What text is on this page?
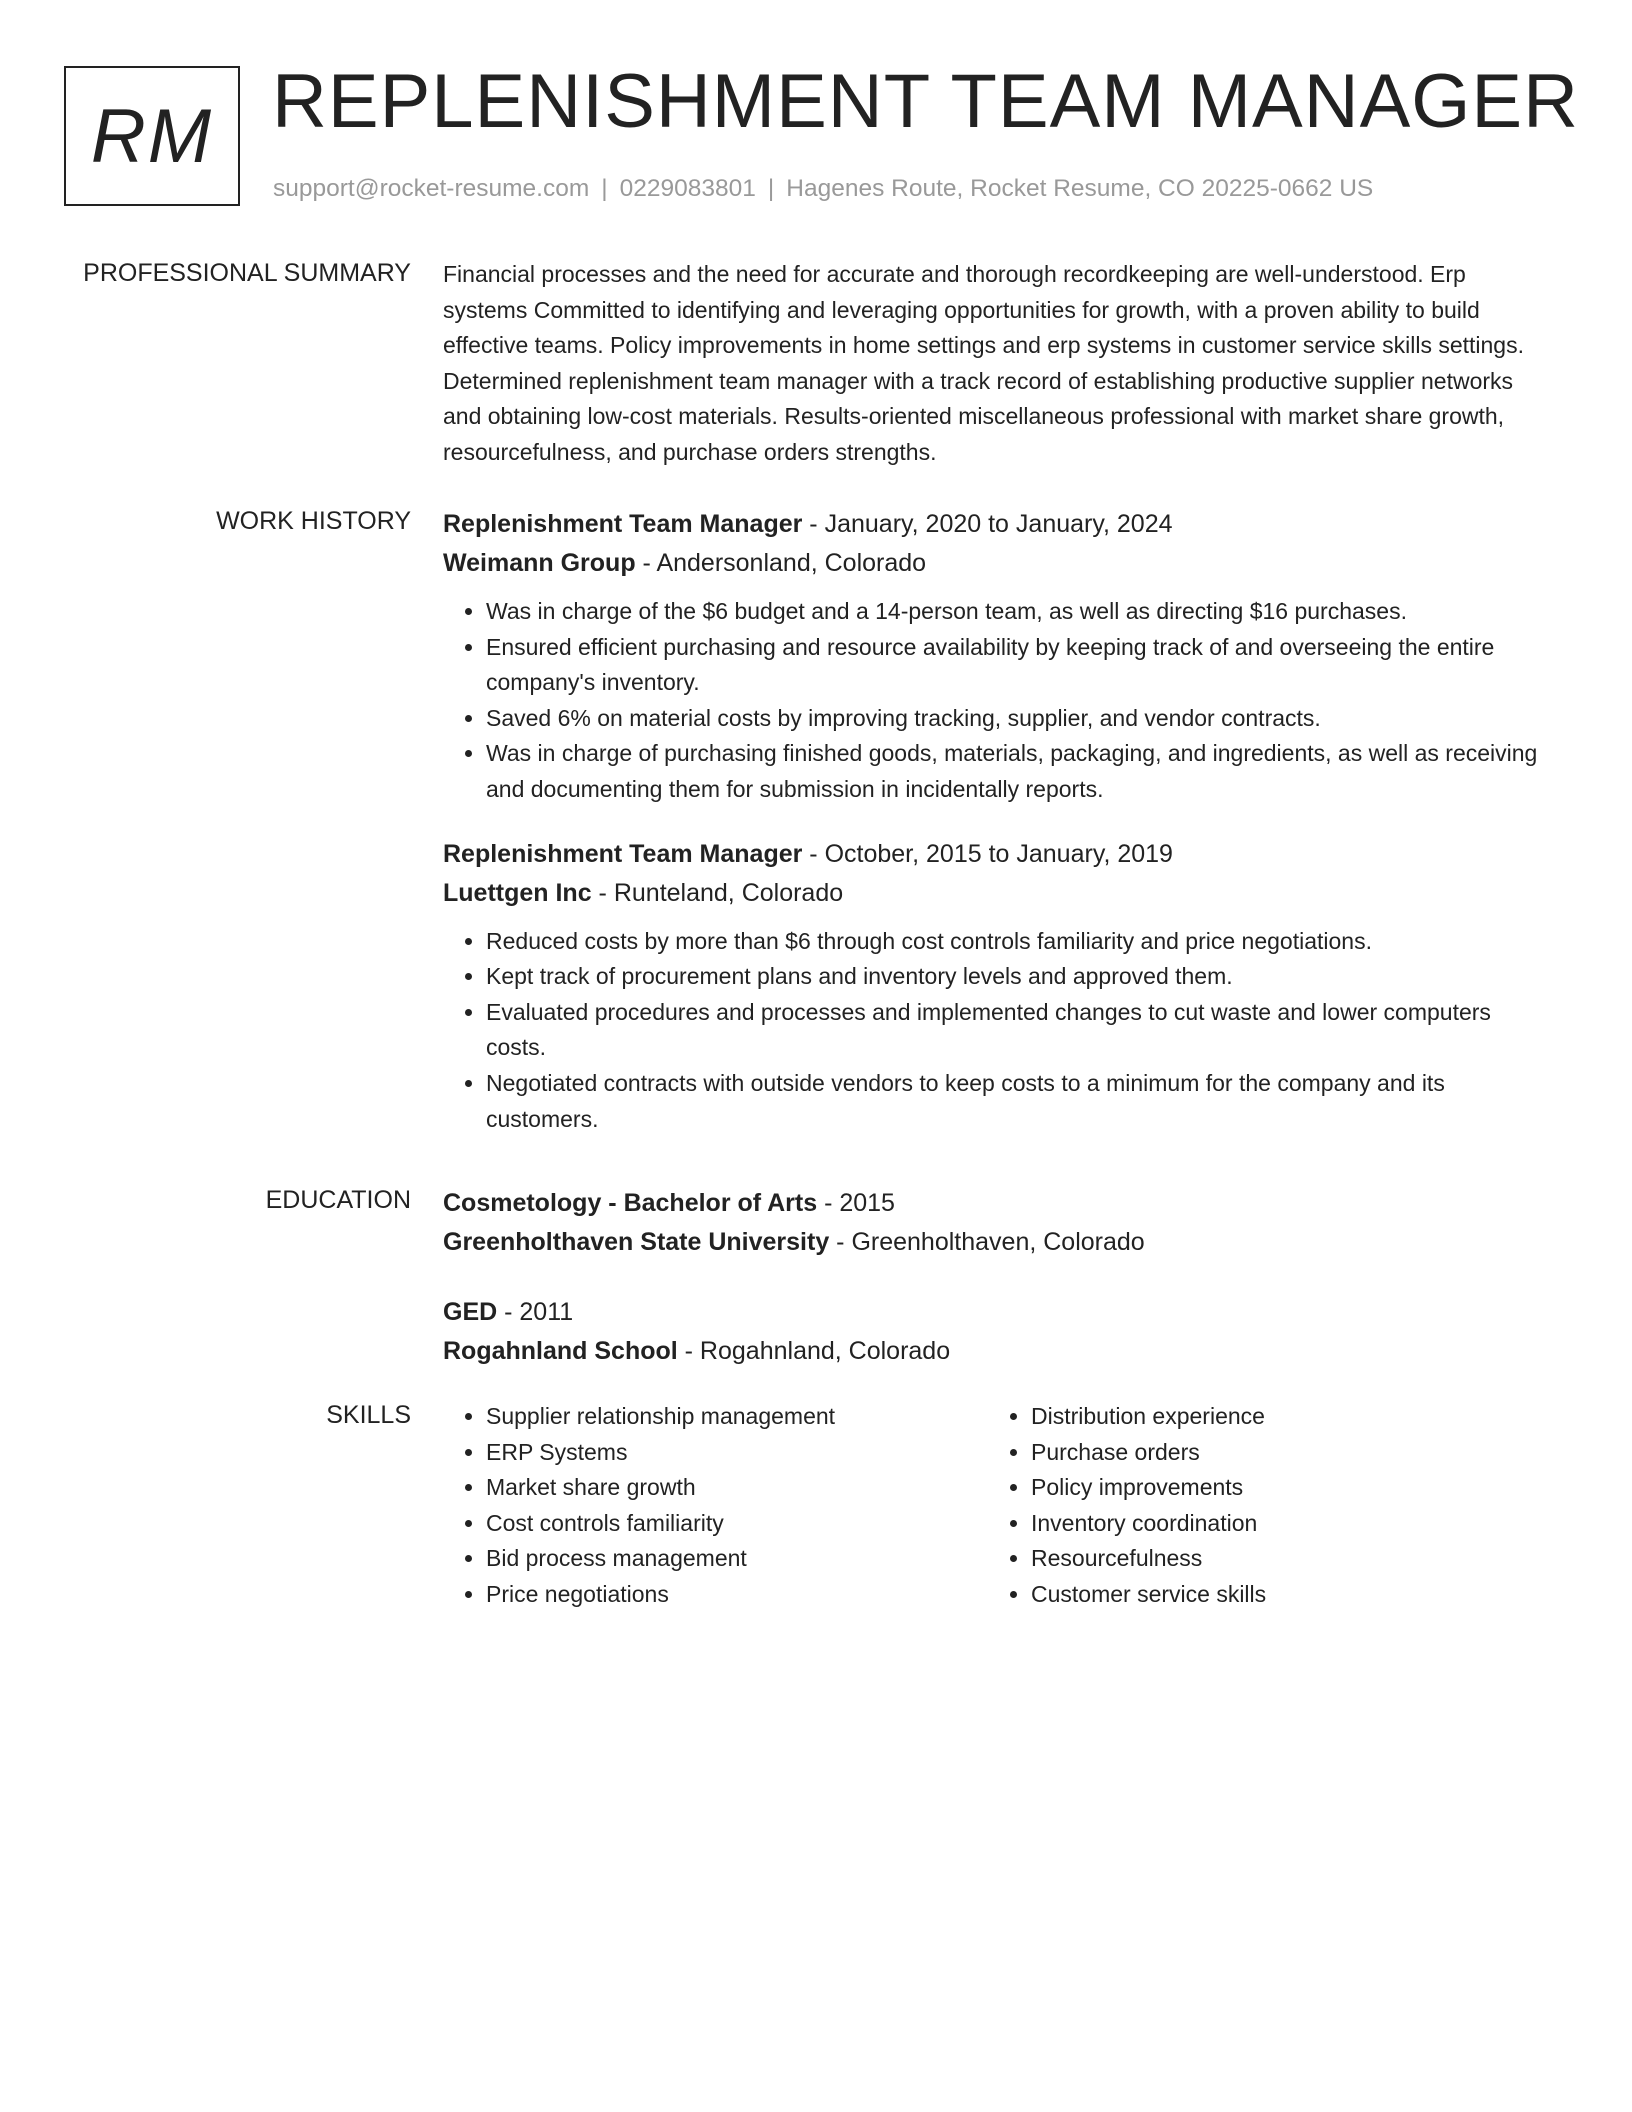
RM REPLENISHMENT TEAM MANAGER
support@rocket-resume.com | 0229083801 | Hagenes Route, Rocket Resume, CO 20225-0662 US
PROFESSIONAL SUMMARY Financial processes and the need for accurate and thorough recordkeeping are well-understood. Erp systems Committed to identifying and leveraging opportunities for growth, with a proven ability to build effective teams. Policy improvements in home settings and erp systems in customer service skills settings. Determined replenishment team manager with a track record of establishing productive supplier networks and obtaining low-cost materials. Results-oriented miscellaneous professional with market share growth, resourcefulness, and purchase orders strengths.

WORK HISTORY Replenishment Team Manager - January, 2020 to January, 2024
Weimann Group - Andersonland, Colorado
• Was in charge of the $6 budget and a 14-person team, as well as directing $16 purchases.
• Ensured efficient purchasing and resource availability by keeping track of and overseeing the entire company's inventory.
• Saved 6% on material costs by improving tracking, supplier, and vendor contracts.
• Was in charge of purchasing finished goods, materials, packaging, and ingredients, as well as receiving and documenting them for submission in incidentally reports.
Replenishment Team Manager - October, 2015 to January, 2019
Luettgen Inc - Runteland, Colorado
• Reduced costs by more than $6 through cost controls familiarity and price negotiations.
• Kept track of procurement plans and inventory levels and approved them.
• Evaluated procedures and processes and implemented changes to cut waste and lower computers costs.
• Negotiated contracts with outside vendors to keep costs to a minimum for the company and its customers.
EDUCATION Cosmetology - Bachelor of Arts - 2015
Greenholthaven State University - Greenholthaven, Colorado
GED - 2011
Rogahnland School - Rogahnland, Colorado
SKILLS
•	Supplier relationship management
• ERP Systems
• Market share growth
• Cost controls familiarity
• Bid process management
• Price negotiations
• Distribution experience
• Purchase orders
• Policy improvements
• Inventory coordination
• Resourcefulness
• Customer service skills
